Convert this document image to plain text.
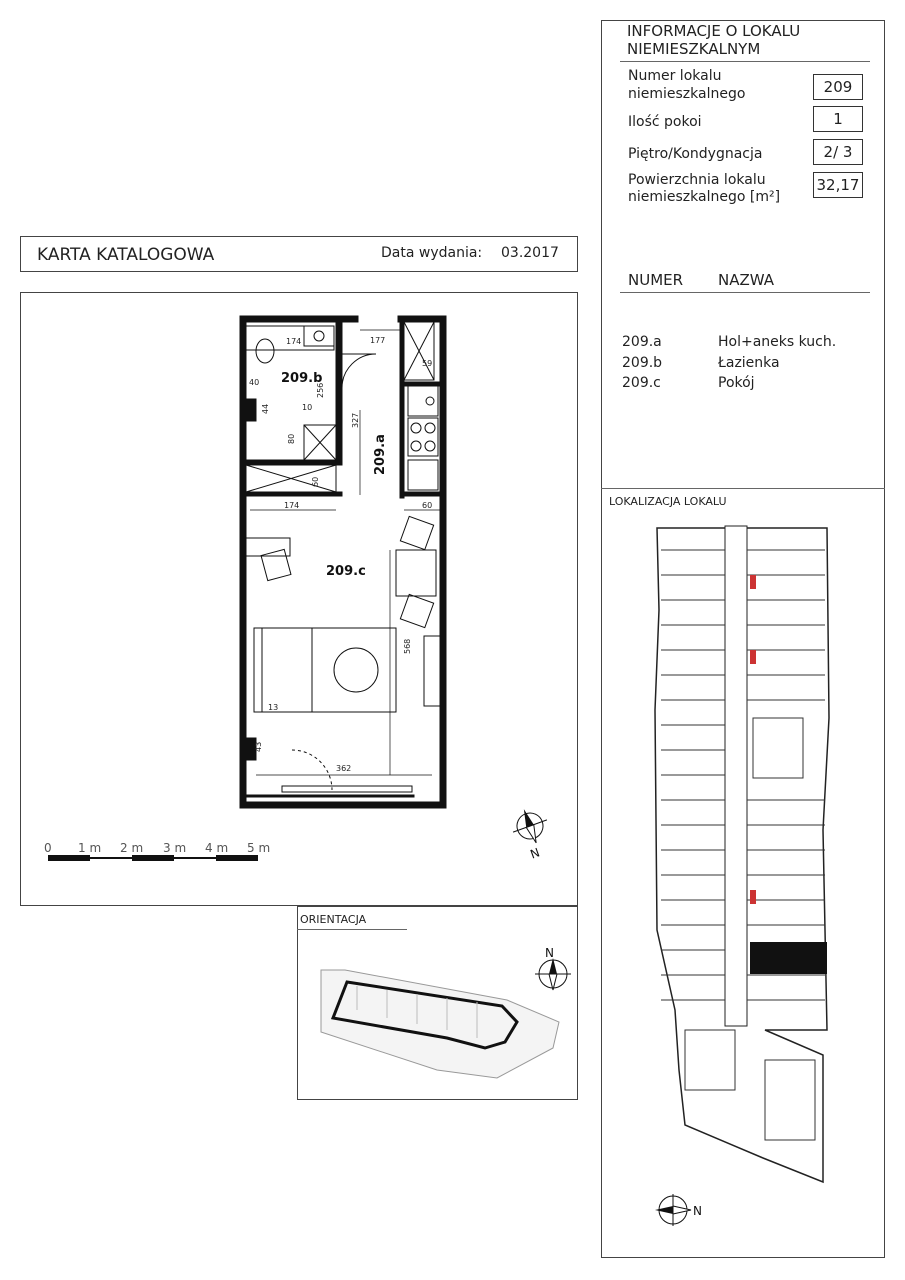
INFORMACJE O LOKALU
NIEMIESZKALNYM
Numer lokalu
niemieszkalnego	209
Ilość pokoi	1
Piętro/Kondygnacja	2/ 3
Powierzchnia lokalu
niemieszkalnego [m²]
32,17
NUMER NAZWA
209.a	Hol+aneks kuch.
209.b	Łazienka
209.c	Pokój
LOKALIZACJA LOKALU
KARTA KATALOGOWA	Data wydania: 03.2017
209.b
209.a
209.c
174	177
59
40
256
44	10
327
80
60
174	60
568
13
43
362
0 1 m 2 m 3 m 4 m 5 m	N
ORIENTACJA
N
N
